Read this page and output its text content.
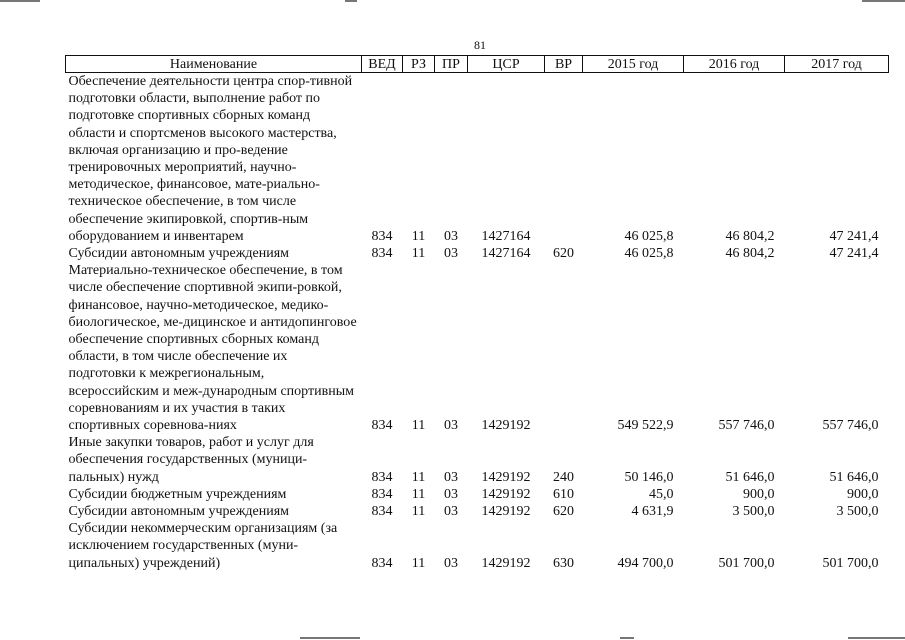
81
Наименование	ВЕД	РЗ	ПР	ЦСР	ВР	2015 год	2016 год	2017 год
Обеспечение деятельности центра спор-тивной подготовки области, выполнение работ по подготовке спортивных сборных команд области и спортсменов высокого мастерства, включая организацию и про-ведение тренировочных мероприятий, научно-методическое, финансовое, мате-риально-техническое обеспечение, в том числе обеспечение экипировкой, спортив-ным оборудованием и инвентарем	834	11	03	1427164		46 025,8	46 804,2	47 241,4
Субсидии автономным учреждениям	834	11	03	1427164	620	46 025,8	46 804,2	47 241,4
Материально-техническое обеспечение, в том числе обеспечение спортивной экипи-ровкой, финансовое, научно-методическое, медико-биологическое, ме-дицинское и антидопинговое обеспечение спортивных сборных команд области, в том числе обеспечение их подготовки к межрегиональным, всероссийским и меж-дународным спортивным соревнованиям и их участия в таких спортивных соревнова-ниях	834	11	03	1429192		549 522,9	557 746,0	557 746,0
Иные закупки товаров, работ и услуг для обеспечения государственных (муници-пальных) нужд	834	11	03	1429192	240	50 146,0	51 646,0	51 646,0
Субсидии бюджетным учреждениям	834	11	03	1429192	610	45,0	900,0	900,0
Субсидии автономным учреждениям	834	11	03	1429192	620	4 631,9	3 500,0	3 500,0
Субсидии некоммерческим организациям (за исключением государственных (муни-ципальных) учреждений)	834	11	03	1429192	630	494 700,0	501 700,0	501 700,0
